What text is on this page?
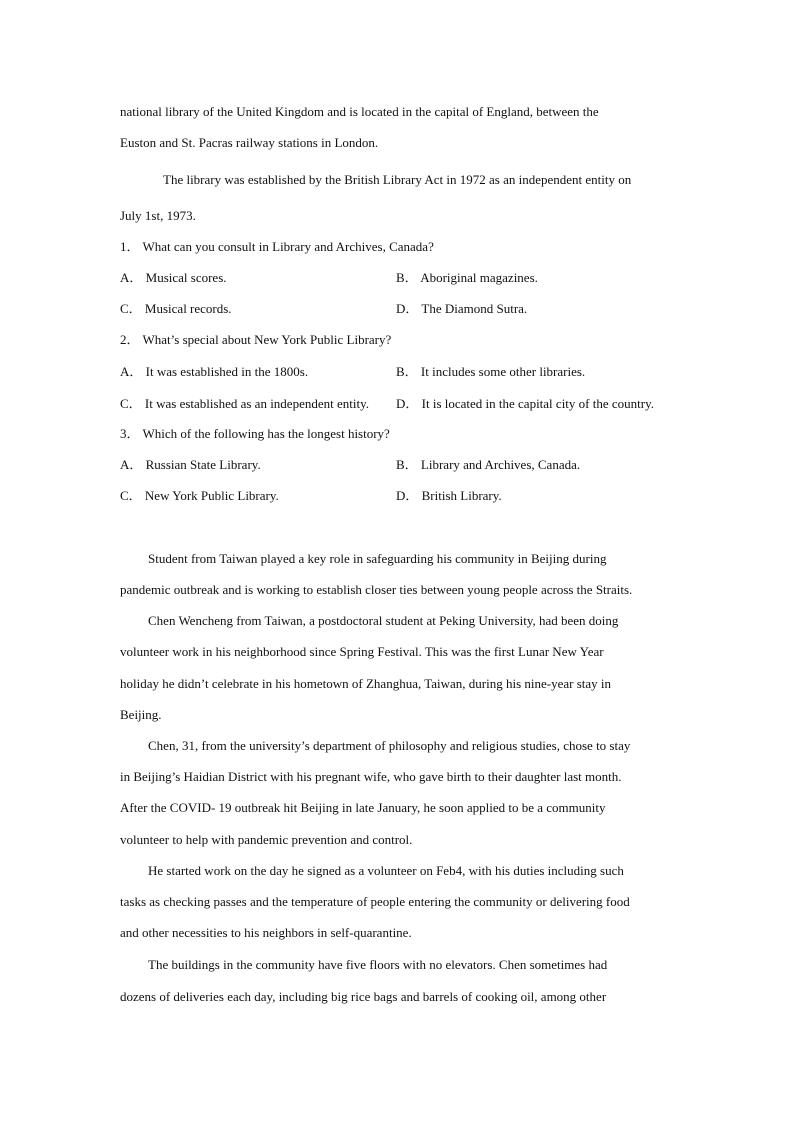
national library of the United Kingdom and is located in the capital of England, between the
Euston and St. Pacras railway stations in London.
The library was established by the British Library Act in 1972 as an independent entity on
July 1st, 1973.
1． What can you consult in Library and Archives, Canada?
A． Musical scores.	B． Aboriginal magazines.
C． Musical records.	D． The Diamond Sutra.
2． What’s special about New York Public Library?
A． It was established in the 1800s.	B． It includes some other libraries.
C． It was established as an independent entity. D． It is located in the capital city of the country.
3． Which of the following has the longest history?
A． Russian State Library.	B． Library and Archives, Canada.
C． New York Public Library.	D． British Library.
Student from Taiwan played a key role in safeguarding his community in Beijing during
pandemic outbreak and is working to establish closer ties between young people across the Straits.
Chen Wencheng from Taiwan, a postdoctoral student at Peking University, had been doing
volunteer work in his neighborhood since Spring Festival. This was the first Lunar New Year
holiday he didn’t celebrate in his hometown of Zhanghua, Taiwan, during his nine-year stay in
Beijing.
Chen, 31, from the university’s department of philosophy and religious studies, chose to stay
in Beijing’s Haidian District with his pregnant wife, who gave birth to their daughter last month.
After the COVID- 19 outbreak hit Beijing in late January, he soon applied to be a community
volunteer to help with pandemic prevention and control.
He started work on the day he signed as a volunteer on Feb4, with his duties including such
tasks as checking passes and the temperature of people entering the community or delivering food
and other necessities to his neighbors in self-quarantine.
The buildings in the community have five floors with no elevators. Chen sometimes had
dozens of deliveries each day, including big rice bags and barrels of cooking oil, among other
